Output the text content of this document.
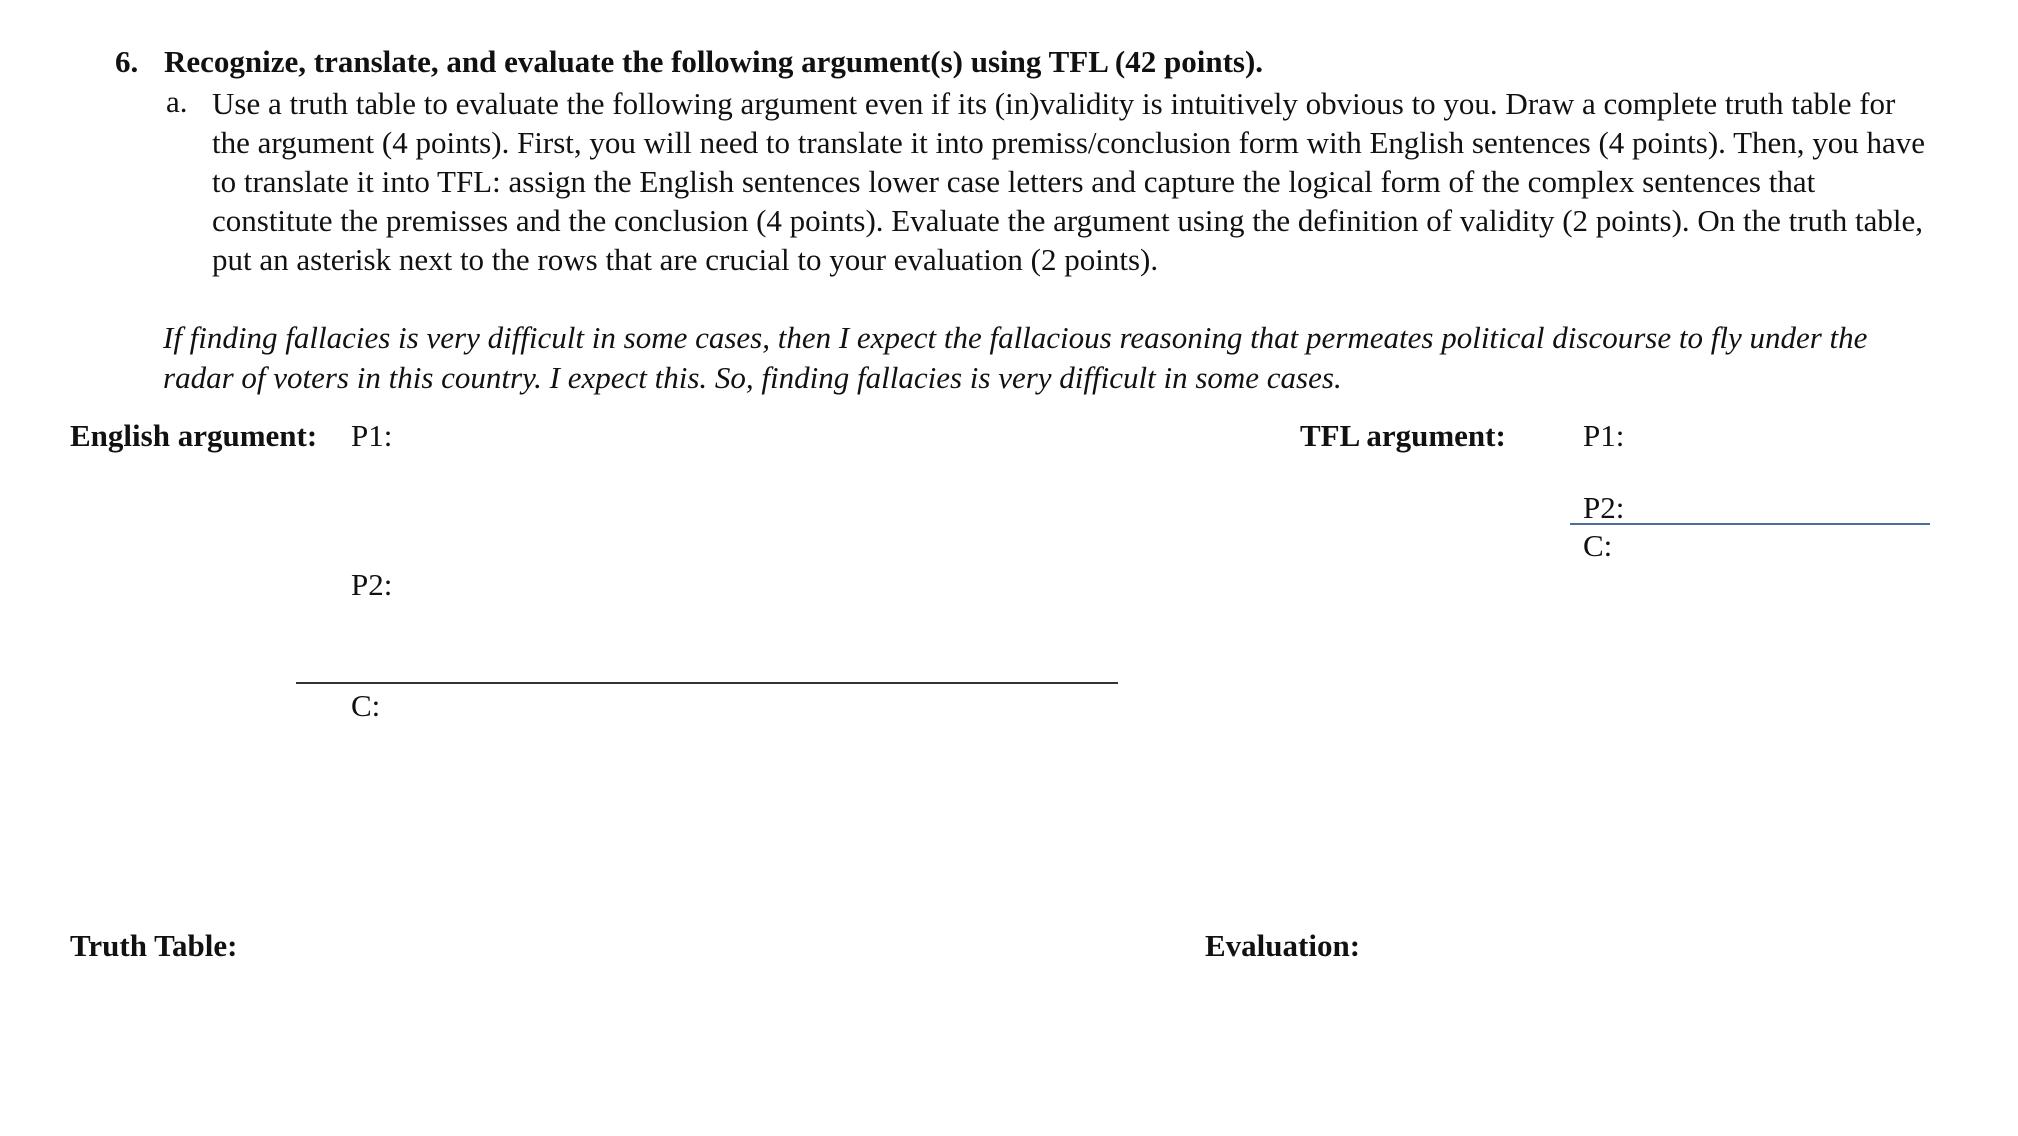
6. Recognize, translate, and evaluate the following argument(s) using TFL (42 points).
a. Use a truth table to evaluate the following argument even if its (in)validity is intuitively obvious to you. Draw a complete truth table for
the argument (4 points). First, you will need to translate it into premiss/conclusion form with English sentences (4 points). Then, you have
to translate it into TFL: assign the English sentences lower case letters and capture the logical form of the complex sentences that
constitute the premisses and the conclusion (4 points). Evaluate the argument using the definition of validity (2 points). On the truth table,
put an asterisk next to the rows that are crucial to your evaluation (2 points).
If finding fallacies is very difficult in some cases, then I expect the fallacious reasoning that permeates political discourse to fly under the
radar of voters in this country. I expect this. So, finding fallacies is very difficult in some cases.
English argument: P1:
P2:
C:
TFL argument: P1:
P2:
C:
Truth Table:	Evaluation:
